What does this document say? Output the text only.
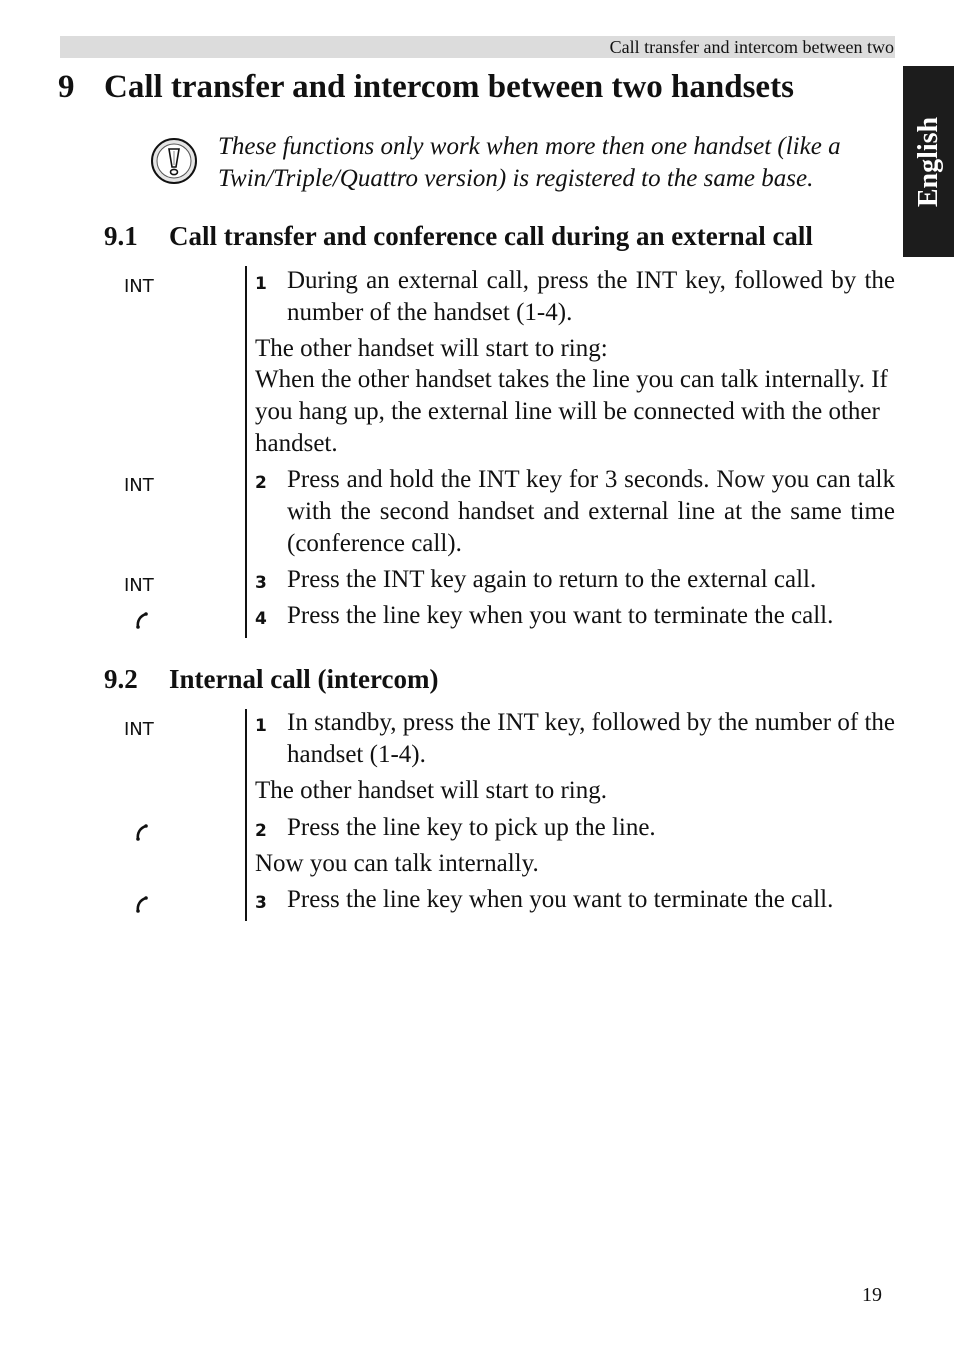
Call transfer and intercom between two
English
9 Call transfer and intercom between two handsets
These functions only work when more then one handset (like a Twin/Triple/Quattro version) is registered to the same base.
9.1 Call transfer and conference call during an external call
INT
INT
INT
1 During an external call, press the INT key, followed by the number of the handset (1-4).
The other handset will start to ring:
When the other handset takes the line you can talk internally. If you hang up, the external line will be connected with the other handset.
2 Press and hold the INT key for 3 seconds. Now you can talk with the second handset and external line at the same time (conference call).
3 Press the INT key again to return to the external call.
4 Press the line key when you want to terminate the call.
9.2 Internal call (intercom)
INT	1 In standby, press the INT key, followed by the number of the handset (1-4).
The other handset will start to ring.
2 Press the line key to pick up the line.
Now you can talk internally.
3 Press the line key when you want to terminate the call.
19
